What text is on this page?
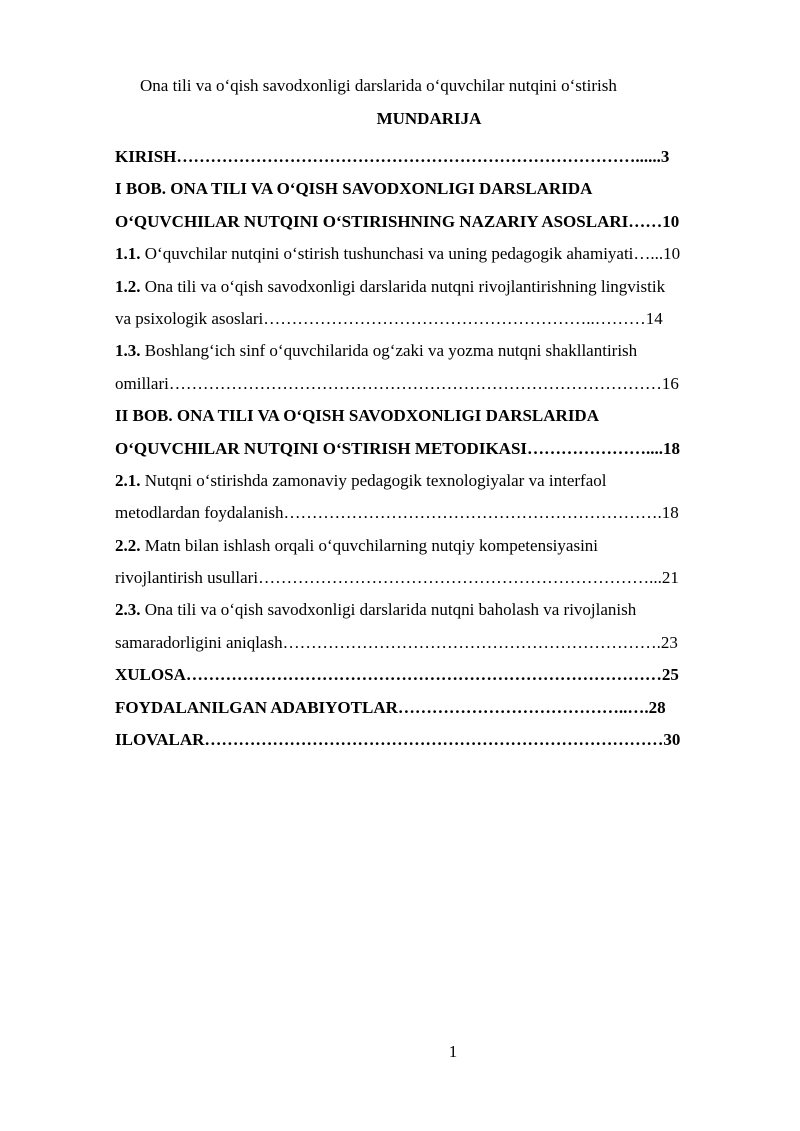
Ona tili va oʻqish savodxonligi darslarida oʻquvchilar nutqini oʻstirish
MUNDARIJA
KIRISH………………………………………………………………………......3
I BOB. ONA TILI VA OʻQISH SAVODXONLIGI DARSLARIDA
OʻQUVCHILAR NUTQINI OʻSTIRISHNING NAZARIY ASOSLARI……10
1.1. Oʻquvchilar nutqini oʻstirish tushunchasi va uning pedagogik ahamiyati…...10
1.2. Ona tili va oʻqish savodxonligi darslarida nutqni rivojlantirishning lingvistik
va psixologik asoslari…………………………………………………..………14
1.3. Boshlangʻich sinf oʻquvchilarida ogʻzaki va yozma nutqni shakllantirish
omillari……………………………………………………………………………16
II BOB. ONA TILI VA OʻQISH SAVODXONLIGI DARSLARIDA
OʻQUVCHILAR NUTQINI OʻSTIRISH METODIKASI…………………....18
2.1. Nutqni oʻstirishda zamonaviy pedagogik texnologiyalar va interfaol
metodlardan foydalanish………………………………………………………….18
2.2. Matn bilan ishlash orqali oʻquvchilarning nutqiy kompetensiyasini
rivojlantirish usullari……………………………………………………………...21
2.3. Ona tili va oʻqish savodxonligi darslarida nutqni baholash va rivojlanish
samaradorligini aniqlash………………………………………………………….23
XULOSA…………………………………………………………………………25
FOYDALANILGAN ADABIYOTLAR…………………………………..….28
ILOVALAR………………………………………………………………………30
1
